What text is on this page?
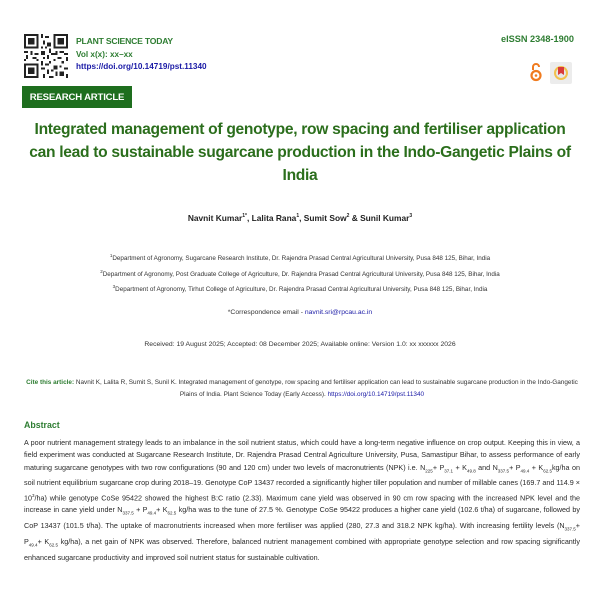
PLANT SCIENCE TODAY
Vol x(x): xx–xx
https://doi.org/10.14719/pst.11340
eISSN 2348-1900
RESEARCH ARTICLE
Integrated management of genotype, row spacing and fertiliser application can lead to sustainable sugarcane production in the Indo-Gangetic Plains of India
Navnit Kumar$^{1*}$, Lalita Rana$^1$, Sumit Sow$^2$ & Sunil Kumar$^3$
$^1$Department of Agronomy, Sugarcane Research Institute, Dr. Rajendra Prasad Central Agricultural University, Pusa 848 125, Bihar, India
$^2$Department of Agronomy, Post Graduate College of Agriculture, Dr. Rajendra Prasad Central Agricultural University, Pusa 848 125, Bihar, India
$^3$Department of Agronomy, Tirhut College of Agriculture, Dr. Rajendra Prasad Central Agricultural University, Pusa 848 125, Bihar, India
*Correspondence email - navnit.sri@rpcau.ac.in
Received: 19 August 2025; Accepted: 08 December 2025; Available online: Version 1.0: xx xxxxxx 2026
Cite this article: Navnit K, Lalita R, Sumit S, Sunil K. Integrated management of genotype, row spacing and fertiliser application can lead to sustainable sugarcane production in the Indo-Gangetic Plains of India. Plant Science Today (Early Access). https://doi.org/10.14719/pst.11340
Abstract

A poor nutrient management strategy leads to an imbalance in the soil nutrient status, which could have a long-term negative influence on crop output. Keeping this in view, a field experiment was conducted at Sugarcane Research Institute, Dr. Rajendra Prasad Central Agriculture University, Pusa, Samastipur Bihar, to assess performance of early maturing sugarcane genotypes with two row configurations (90 and 120 cm) under two levels of macronutrients (NPK) i.e. $N_{225}+ P_{37.1} + K_{49.8}$ and $N_{337.5}+ P_{49.4} + K_{62.5}kg/ha$ on soil nutrient equilibrium sugarcane crop during 2018–19. Genotype CoP 13437 recorded a significantly higher tiller population and number of millable canes (169.7 and $114.9 \times 10^3/ha$) while genotype CoSe 95422 showed the highest B:C ratio (2.33). Maximum cane yield was observed in 90 cm row spacing with the increased NPK level and the increase in cane yield under $N_{337.5} + P_{49.4}+ K_{62.5}$ kg/ha was to the tune of 27.5 %. Genotype CoSe 95422 produces a higher cane yield (102.6 t/ha) of sugarcane, followed by CoP 13437 (101.5 t/ha). The uptake of macronutrients increased when more fertiliser was applied (280, 27.3 and 318.2 NPK kg/ha). With increasing fertility levels ($N_{337.5}+ P_{49.4}+ K_{62.5}$ kg/ha), a net gain of NPK was observed. Therefore, balanced nutrient management combined with appropriate genotype selection and row spacing significantly enhanced sugarcane productivity and improved soil nutrient status for sustainable cultivation.
